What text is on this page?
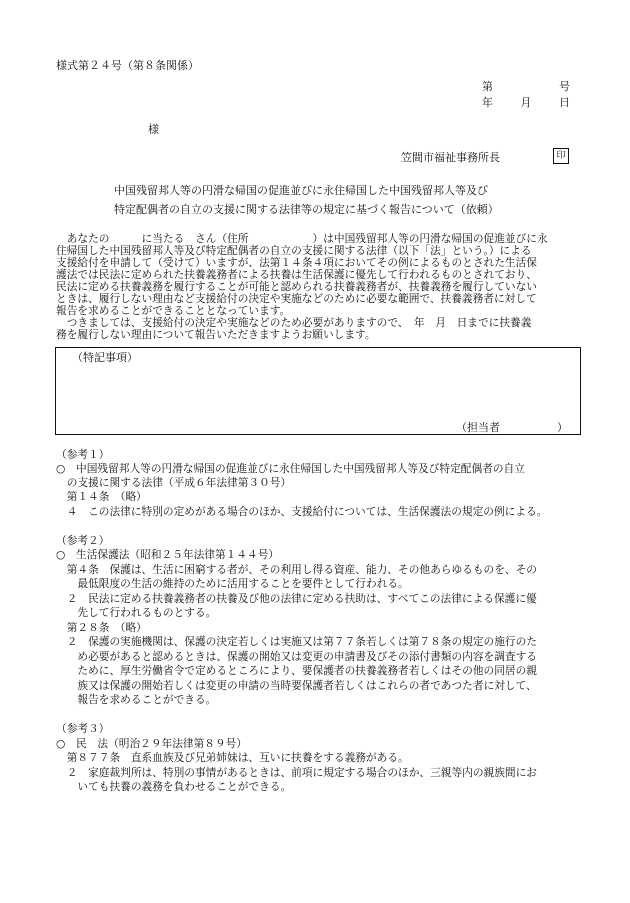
様式第２４号（第８条関係）
第	号
年	月	日
様
笠間市福祉事務所長	印
中国残留邦人等の円滑な帰国の促進並びに永住帰国した中国残留邦人等及び
特定配偶者の自立の支援に関する法律等の規定に基づく報告について（依頼）
　あなたの　　　に当たる　さん（住所　　　　　　）は中国残留邦人等の円滑な帰国の促進並びに永
住帰国した中国残留邦人等及び特定配偶者の自立の支援に関する法律（以下「法」という。）による
支援給付を申請して（受けて）いますが、法第１４条４項においてその例によるものとされた生活保
護法では民法に定められた扶養義務者による扶養は生活保護に優先して行われるものとされており、
民法に定める扶養義務を履行することが可能と認められる扶養義務者が、扶養義務を履行していない
ときは、履行しない理由など支援給付の決定や実施などのために必要な範囲で、扶養義務者に対して
報告を求めることができることとなっています。
　つきましては、支援給付の決定や実施などのため必要がありますので、　年　月　日までに扶養義
務を履行しない理由について報告いただきますようお願いします。
（特記事項）
（担当者	）
（参考１）
○　中国残留邦人等の円滑な帰国の促進並びに永住帰国した中国残留邦人等及び特定配偶者の自立
　の支援に関する法律（平成６年法律第３０号）
　第１４条　（略）
　４　この法律に特別の定めがある場合のほか、支援給付については、生活保護法の規定の例による。
（参考２）
○　生活保護法（昭和２５年法律第１４４号）
　第４条　保護は、生活に困窮する者が、その利用し得る資産、能力、その他あらゆるものを、その
　　最低限度の生活の維持のために活用することを要件として行われる。
　２　民法に定める扶養義務者の扶養及び他の法律に定める扶助は、すべてこの法律による保護に優
　　先して行われるものとする。
　第２８条　（略）
　２　保護の実施機関は、保護の決定若しくは実施又は第７７条若しくは第７８条の規定の施行のた
　　め必要があると認めるときは、保護の開始又は変更の申請書及びその添付書類の内容を調査する
　　ために、厚生労働省令で定めるところにより、要保護者の扶養義務者若しくはその他の同居の親
　　族又は保護の開始若しくは変更の申請の当時要保護者若しくはこれらの者であつた者に対して、
　　報告を求めることができる。
（参考３）
○　民　法（明治２９年法律第８９号）
　第８７７条　直系血族及び兄弟姉妹は、互いに扶養をする義務がある。
　２　家庭裁判所は、特別の事情があるときは、前項に規定する場合のほか、三親等内の親族間にお
　　いても扶養の義務を負わせることができる。
